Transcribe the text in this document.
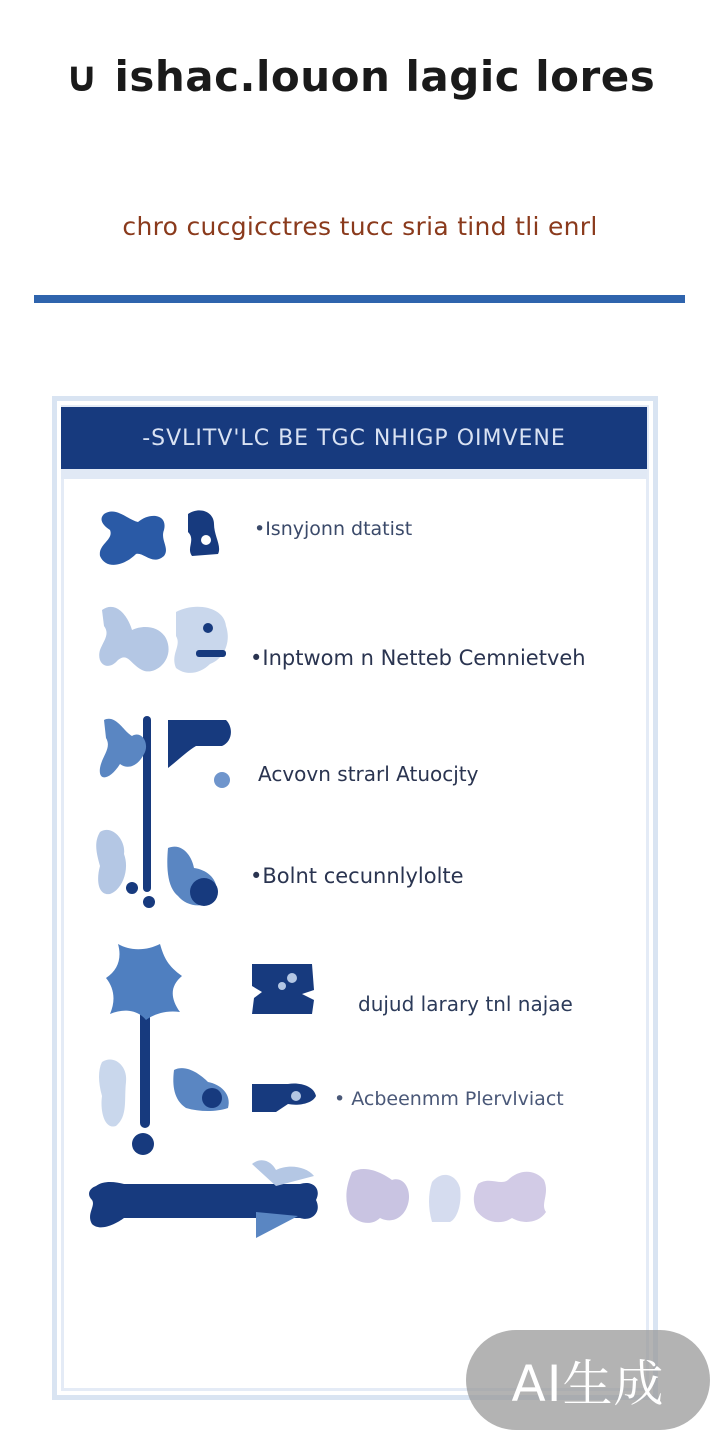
∪ ishac.louon lagic lores
chro cucgicctres tucc sria tind tli enrl
-SVLITV'LC BE TGC NHIGP OIMVENE
•Isnyjonn dtatist
•Inptwom n Netteb Cemnietveh
Acvovn strarl Atuocjty
•Bolnt cecunnlylolte
dujud larary tnl najae
• Acbeenmm Plervlviact
AI生成
